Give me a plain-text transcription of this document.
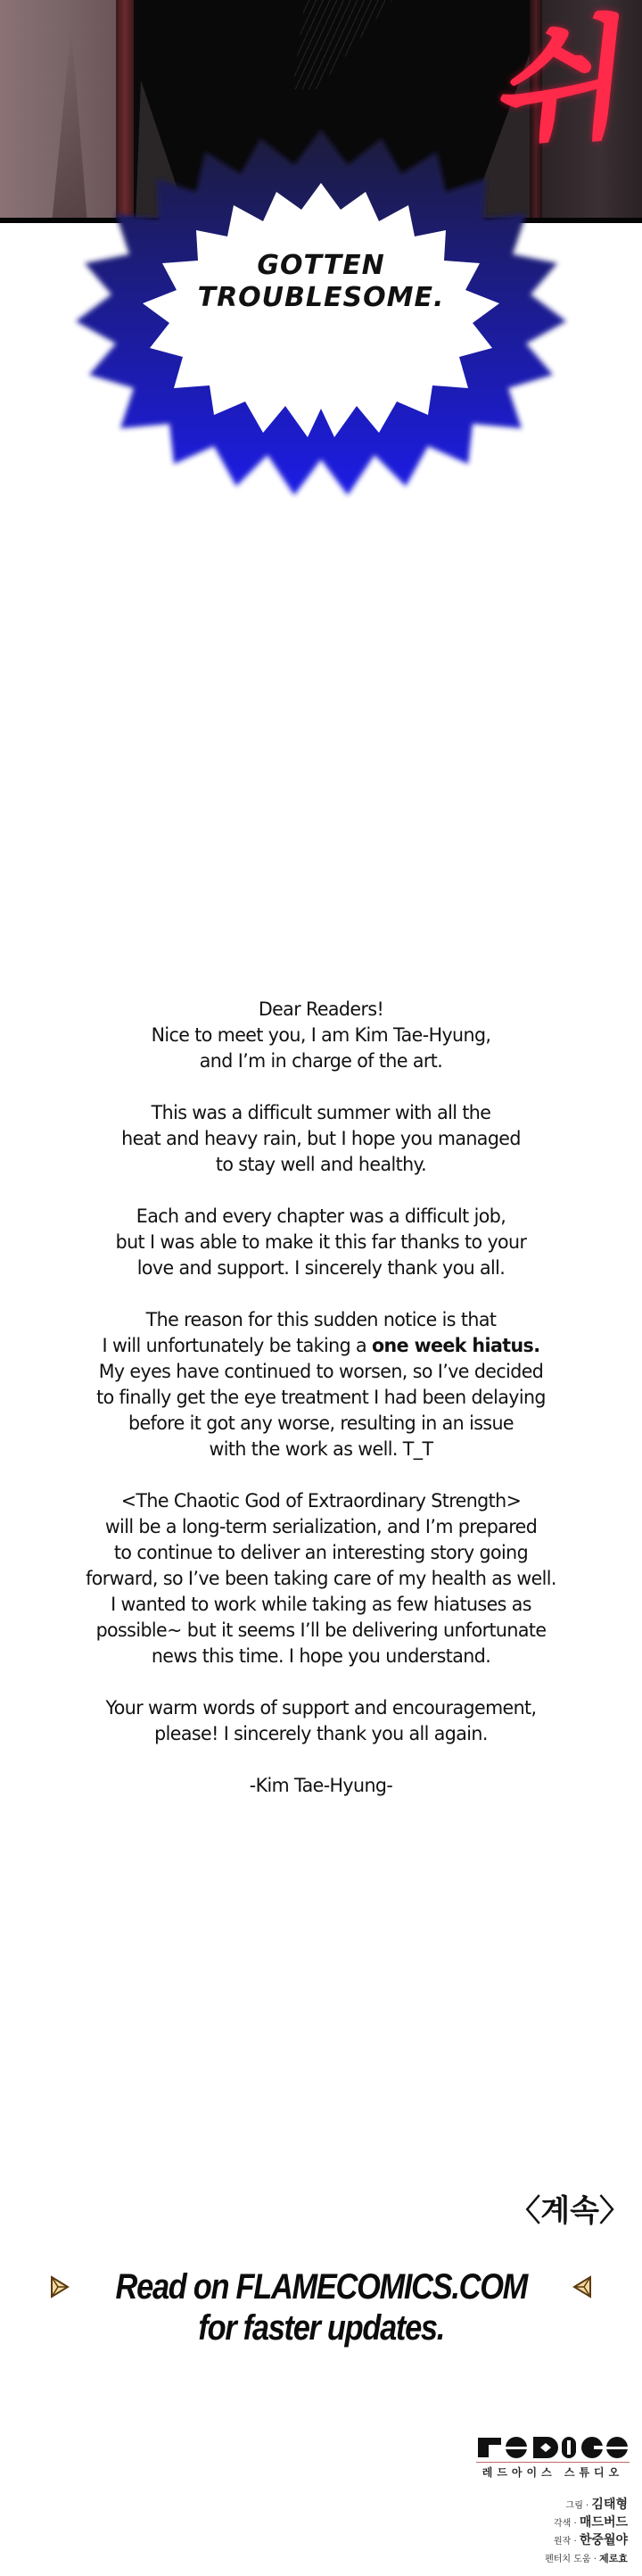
쉬
GOTTEN
TROUBLESOME.
Dear Readers!
Nice to meet you, I am Kim Tae-Hyung,
and I’m in charge of the art.
This was a difficult summer with all the
heat and heavy rain, but I hope you managed
to stay well and healthy.
Each and every chapter was a difficult job,
but I was able to make it this far thanks to your
love and support. I sincerely thank you all.
The reason for this sudden notice is that
I will unfortunately be taking a one week hiatus.
My eyes have continued to worsen, so I’ve decided
to finally get the eye treatment I had been delaying
before it got any worse, resulting in an issue
with the work as well. T_T
<The Chaotic God of Extraordinary Strength>
will be a long-term serialization, and I’m prepared
to continue to deliver an interesting story going
forward, so I’ve been taking care of my health as well.
I wanted to work while taking as few hiatuses as
possible~ but it seems I’ll be delivering unfortunate
news this time. I hope you understand.
Your warm words of support and encouragement,
please! I sincerely thank you all again.
-Kim Tae-Hyung-
〈계속〉
Read on FLAMECOMICS.COM
for faster updates.
레드아이스 스튜디오
그림 · 김태형
각색 · 매드버드
원작 · 한중월야
펜터치 도움 · 제로효
